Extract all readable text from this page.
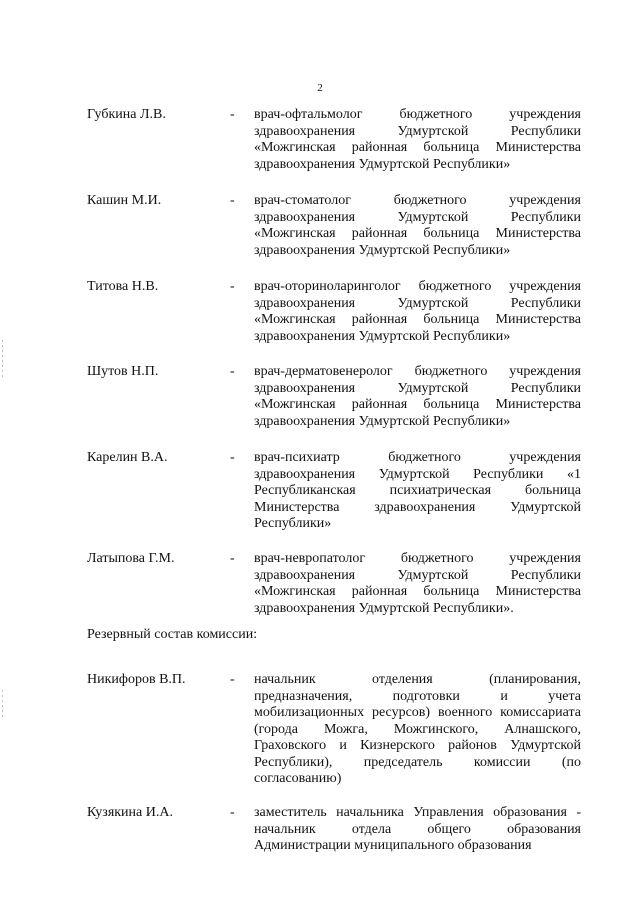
2
Губкина Л.В.	- врач-офтальмолог бюджетного учреждения
здравоохранения Удмуртской Республики
«Можгинская районная больница Министерства
здравоохранения Удмуртской Республики»
Кашин М.И.	- врач-стоматолог бюджетного учреждения
здравоохранения Удмуртской Республики
«Можгинская районная больница Министерства
здравоохранения Удмуртской Республики»
Титова Н.В.	- врач-оториноларинголог бюджетного учреждения
здравоохранения Удмуртской Республики
«Можгинская районная больница Министерства
здравоохранения Удмуртской Республики»
Шутов Н.П.	- врач-дерматовенеролог бюджетного учреждения
здравоохранения Удмуртской Республики
«Можгинская районная больница Министерства
здравоохранения Удмуртской Республики»
Карелин В.А.	- врач-психиатр бюджетного учреждения
здравоохранения Удмуртской Республики «1
Республиканская психиатрическая больница
Министерства здравоохранения Удмуртской
Республики»
Латыпова Г.М.	- врач-невропатолог бюджетного учреждения
здравоохранения Удмуртской Республики
«Можгинская районная больница Министерства
здравоохранения Удмуртской Республики».
Никифоров В.П.	- начальник отделения (планирования,
предназначения, подготовки и учета
мобилизационных ресурсов) военного комиссариата
(города Можга, Можгинского, Алнашского,
Граховского и Кизнерского районов Удмуртской
Республики), председатель комиссии (по
согласованию)
Кузякина И.А.	- заместитель начальника Управления образования -
начальник отдела общего образования
Администрации муниципального образования
Резервный состав комиссии:
